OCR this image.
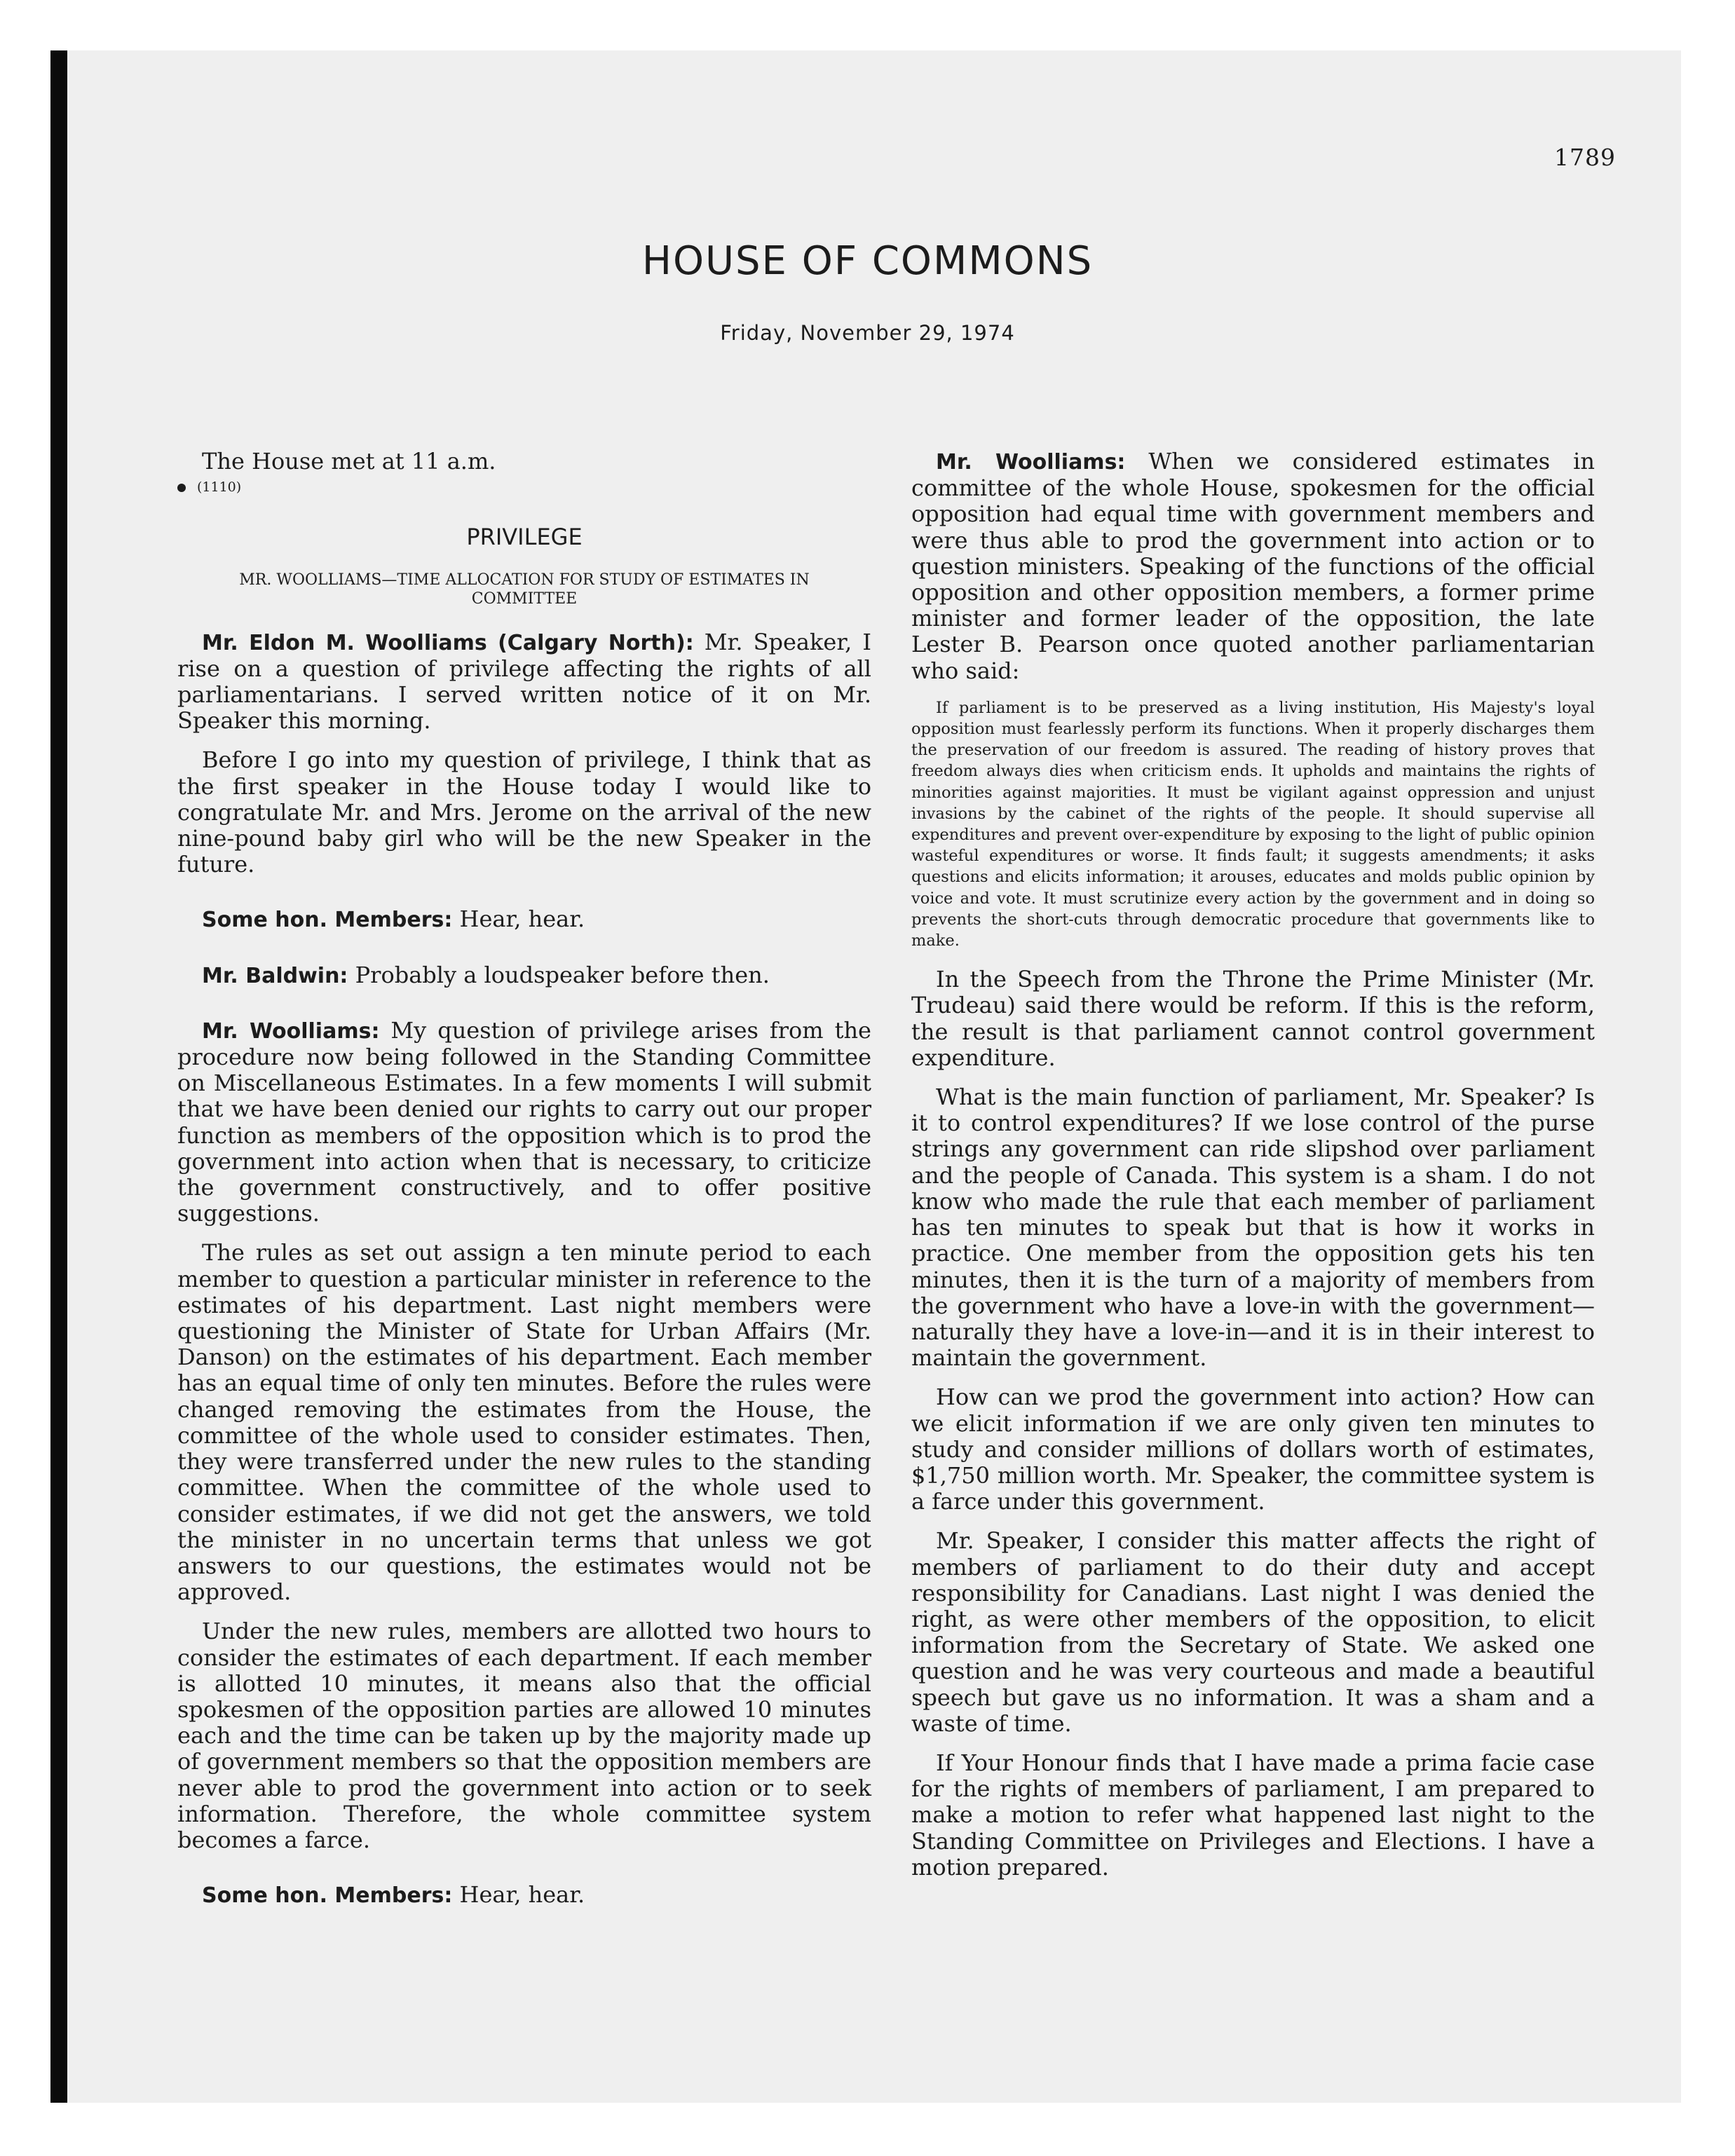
1789
HOUSE OF COMMONS
Friday, November 29, 1974

The House met at 11 a.m.

(1110)
PRIVILEGE
MR. WOOLLIAMS—TIME ALLOCATION FOR STUDY OF ESTIMATES IN COMMITTEE

Mr. Eldon M. Woolliams (Calgary North): Mr. Speaker, I rise on a question of privilege affecting the rights of all parliamentarians. I served written notice of it on Mr. Speaker this morning.

Before I go into my question of privilege, I think that as the first speaker in the House today I would like to congratulate Mr. and Mrs. Jerome on the arrival of the new nine-pound baby girl who will be the new Speaker in the future.

Some hon. Members: Hear, hear.

Mr. Baldwin: Probably a loudspeaker before then.

Mr. Woolliams: My question of privilege arises from the procedure now being followed in the Standing Committee on Miscellaneous Estimates. In a few moments I will submit that we have been denied our rights to carry out our proper function as members of the opposition which is to prod the government into action when that is necessary, to criticize the government constructively, and to offer positive suggestions.

The rules as set out assign a ten minute period to each member to question a particular minister in reference to the estimates of his department. Last night members were questioning the Minister of State for Urban Affairs (Mr. Danson) on the estimates of his department. Each member has an equal time of only ten minutes. Before the rules were changed removing the estimates from the House, the committee of the whole used to consider estimates. Then, they were transferred under the new rules to the standing committee. When the committee of the whole used to consider estimates, if we did not get the answers, we told the minister in no uncertain terms that unless we got answers to our questions, the estimates would not be approved.

Under the new rules, members are allotted two hours to consider the estimates of each department. If each member is allotted 10 minutes, it means also that the official spokesmen of the opposition parties are allowed 10 minutes each and the time can be taken up by the majority made up of government members so that the opposition members are never able to prod the government into action or to seek information. Therefore, the whole committee system becomes a farce.

Some hon. Members: Hear, hear.

Mr. Woolliams: When we considered estimates in committee of the whole House, spokesmen for the official opposition had equal time with government members and were thus able to prod the government into action or to question ministers. Speaking of the functions of the official opposition and other opposition members, a former prime minister and former leader of the opposition, the late Lester B. Pearson once quoted another parliamentarian who said:

If parliament is to be preserved as a living institution, His Majesty's loyal opposition must fearlessly perform its functions. When it properly discharges them the preservation of our freedom is assured. The reading of history proves that freedom always dies when criticism ends. It upholds and maintains the rights of minorities against majorities. It must be vigilant against oppression and unjust invasions by the cabinet of the rights of the people. It should supervise all expenditures and prevent over-expenditure by exposing to the light of public opinion wasteful expenditures or worse. It finds fault; it suggests amendments; it asks questions and elicits information; it arouses, educates and molds public opinion by voice and vote. It must scrutinize every action by the government and in doing so prevents the short-cuts through democratic procedure that governments like to make.

In the Speech from the Throne the Prime Minister (Mr. Trudeau) said there would be reform. If this is the reform, the result is that parliament cannot control government expenditure.

What is the main function of parliament, Mr. Speaker? Is it to control expenditures? If we lose control of the purse strings any government can ride slipshod over parliament and the people of Canada. This system is a sham. I do not know who made the rule that each member of parliament has ten minutes to speak but that is how it works in practice. One member from the opposition gets his ten minutes, then it is the turn of a majority of members from the government who have a love-in with the government—naturally they have a love-in—and it is in their interest to maintain the government.

How can we prod the government into action? How can we elicit information if we are only given ten minutes to study and consider millions of dollars worth of estimates, $1,750 million worth. Mr. Speaker, the committee system is a farce under this government.

Mr. Speaker, I consider this matter affects the right of members of parliament to do their duty and accept responsibility for Canadians. Last night I was denied the right, as were other members of the opposition, to elicit information from the Secretary of State. We asked one question and he was very courteous and made a beautiful speech but gave us no information. It was a sham and a waste of time.

If Your Honour finds that I have made a prima facie case for the rights of members of parliament, I am prepared to make a motion to refer what happened last night to the Standing Committee on Privileges and Elections. I have a motion prepared.
